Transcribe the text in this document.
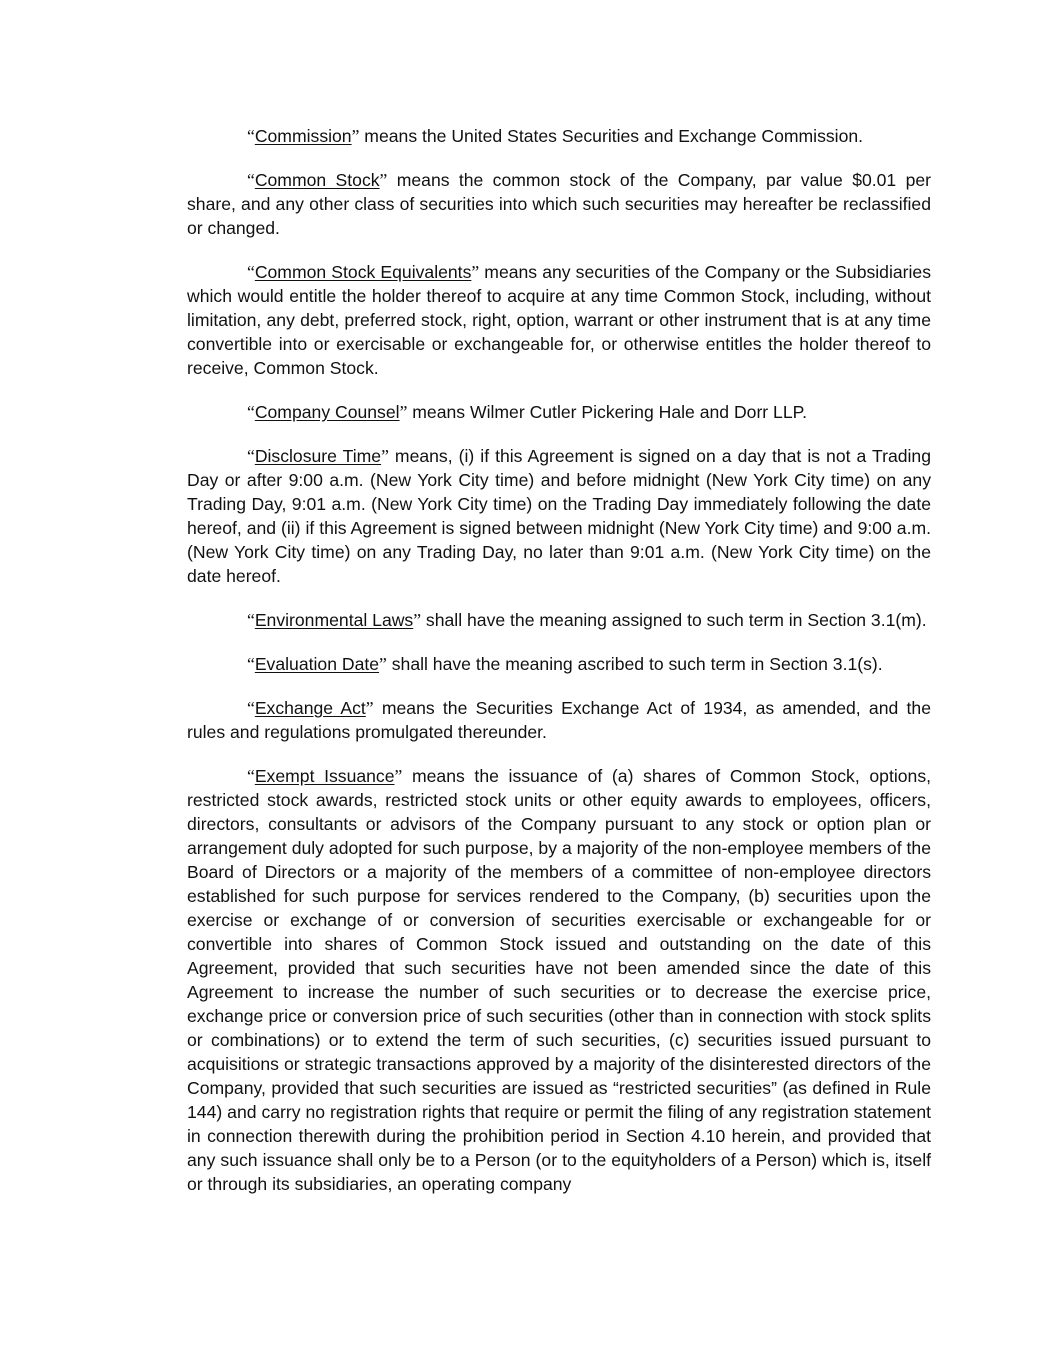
“Commission” means the United States Securities and Exchange Commission.

“Common Stock” means the common stock of the Company, par value $0.01 per share, and any other class of securities into which such securities may hereafter be reclassified or changed.

“Common Stock Equivalents” means any securities of the Company or the Subsidiaries which would entitle the holder thereof to acquire at any time Common Stock, including, without limitation, any debt, preferred stock, right, option, warrant or other instrument that is at any time convertible into or exercisable or exchangeable for, or otherwise entitles the holder thereof to receive, Common Stock.

“Company Counsel” means Wilmer Cutler Pickering Hale and Dorr LLP.

“Disclosure Time” means, (i) if this Agreement is signed on a day that is not a Trading Day or after 9:00 a.m. (New York City time) and before midnight (New York City time) on any Trading Day, 9:01 a.m. (New York City time) on the Trading Day immediately following the date hereof, and (ii) if this Agreement is signed between midnight (New York City time) and 9:00 a.m. (New York City time) on any Trading Day, no later than 9:01 a.m. (New York City time) on the date hereof.

“Environmental Laws” shall have the meaning assigned to such term in Section 3.1(m).

“Evaluation Date” shall have the meaning ascribed to such term in Section 3.1(s).

“Exchange Act” means the Securities Exchange Act of 1934, as amended, and the rules and regulations promulgated thereunder.

“Exempt Issuance” means the issuance of (a) shares of Common Stock, options, restricted stock awards, restricted stock units or other equity awards to employees, officers, directors, consultants or advisors of the Company pursuant to any stock or option plan or arrangement duly adopted for such purpose, by a majority of the non-employee members of the Board of Directors or a majority of the members of a committee of non-employee directors established for such purpose for services rendered to the Company, (b) securities upon the exercise or exchange of or conversion of securities exercisable or exchangeable for or convertible into shares of Common Stock issued and outstanding on the date of this Agreement, provided that such securities have not been amended since the date of this Agreement to increase the number of such securities or to decrease the exercise price, exchange price or conversion price of such securities (other than in connection with stock splits or combinations) or to extend the term of such securities, (c) securities issued pursuant to acquisitions or strategic transactions approved by a majority of the disinterested directors of the Company, provided that such securities are issued as “restricted securities” (as defined in Rule 144) and carry no registration rights that require or permit the filing of any registration statement in connection therewith during the prohibition period in Section 4.10 herein, and provided that any such issuance shall only be to a Person (or to the equityholders of a Person) which is, itself or through its subsidiaries, an operating company
